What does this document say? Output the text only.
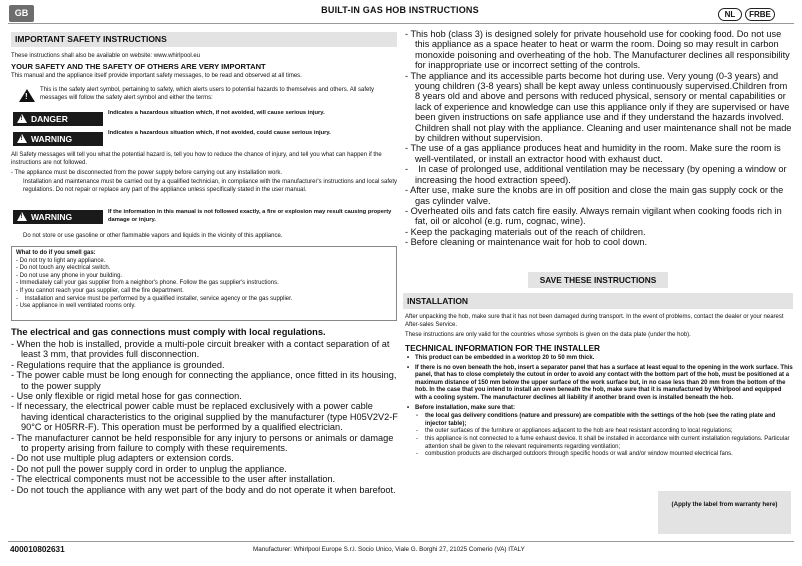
GB	BUILT-IN GAS HOB INSTRUCTIONS	NL	FRBE
IMPORTANT SAFETY INSTRUCTIONS
These instructions shall also be available on website: www.whirlpool.eu
YOUR SAFETY AND THE SAFETY OF OTHERS ARE VERY IMPORTANT
This manual and the appliance itself provide important safety messages, to be read and observed at all times.
!
This is the safety alert symbol, pertaining to safety, which alerts users to potential hazards to themselves and others. All safety messages will follow the safety alert symbol and either the terms:
!
DANGER
Indicates a hazardous situation which, if not avoided, will cause serious injury.
!
WARNING
Indicates a hazardous situation which, if not avoided, could cause serious injury.
All Safety messages will tell you what the potential hazard is, tell you how to reduce the chance of injury, and tell you what can happen if the instructions are not followed.
- The appliance must be disconnected from the power supply before carrying out any installation work.
Installation and maintenance must be carried out by a qualified technician, in compliance with the manufacturer's instructions and local safety regulations. Do not repair or replace any part of the appliance unless specifically stated in the user manual.
!
WARNING	If the information in this manual is not followed exactly, a fire or explosion may result causing property damage or injury.
Do not store or use gasoline or other flammable vapors and liquids in the vicinity of this appliance.
What to do if you smell gas:
- Do not try to light any appliance.
- Do not touch any electrical switch.
- Do not use any phone in your building.
- Immediately call your gas supplier from a neighbor's phone. Follow the gas supplier's instructions.
- If you cannot reach your gas supplier, call the fire department.
-    Installation and service must be performed by a qualified installer, service agency or the gas supplier.
- Use appliance in well ventilated rooms only.
The electrical and gas connections must comply with local regulations.
- When the hob is installed, provide a multi-pole circuit breaker with a contact separation of at least 3 mm, that provides full disconnection.
- Regulations require that the appliance is grounded.
- The power cable must be long enough for connecting the appliance, once fitted in its housing, to the power supply
- Use only flexible or rigid metal hose for gas connection.
- If necessary, the electrical power cable must be replaced exclusively with a power cable having identical characteristics to the original supplied by the manufacturer (type H05V2V2-F 90°C or H05RR-F). This operation must be performed by a qualified electrician.
- The manufacturer cannot be held responsible for any injury to persons or animals or damage to property arising from failure to comply with these requirements.
- Do not use multiple plug adapters or extension cords.
- Do not pull the power supply cord in order to unplug the appliance.
- The electrical components must not be accessible to the user after installation.
- Do not touch the appliance with any wet part of the body and do not operate it when barefoot.
- This hob (class 3) is designed solely for private household use for cooking food. Do not use this appliance as a space heater to heat or warm the room. Doing so may result in carbon monoxide poisoning and overheating of the hob. The Manufacturer declines all responsibility for inappropriate use or incorrect setting of the controls.
- The appliance and its accessible parts become hot during use. Very young (0-3 years) and young children (3-8 years) shall be kept away unless continuously supervised.Children from 8 years old and above and persons with reduced physical, sensory or mental capabilities or lack of experience and knowledge can use this appliance only if they are supervised or have been given instructions on safe appliance use and if they understand the hazards involved. Children shall not play with the appliance. Cleaning and user maintenance shall not be made by children without supervision.
- The use of a gas appliance produces heat and humidity in the room. Make sure the room is well-ventilated, or install an extractor hood with exhaust duct.
-    In case of prolonged use, additional ventilation may be necessary (by opening a window or increasing the hood extraction speed).
- After use, make sure the knobs are in off position and close the main gas supply cock or the gas cylinder valve.
- Overheated oils and fats catch fire easily. Always remain vigilant when cooking foods rich in fat, oil or alcohol (e.g. rum, cognac, wine).
- Keep the packaging materials out of the reach of children.
- Before cleaning or maintenance wait for hob to cool down.
SAVE THESE INSTRUCTIONS
INSTALLATION
After unpacking the hob, make sure that it has not been damaged during transport. In the event of problems, contact the dealer or your nearest After-sales Service.
These instructions are only valid for the countries whose symbols is given on the data plate (under the hob).
TECHNICAL INFORMATION FOR THE INSTALLER
• This product can be embedded in a worktop 20 to 50 mm thick.
• If there is no oven beneath the hob, insert a separator panel that has a surface at least equal to the opening in the work surface. This panel, that has to close completely the cutout in order to avoid any contact with the bottom part of the hob, must be positioned at a maximum distance of 150 mm below the upper surface of the work surface but, in no case less than 20 mm from the bottom of the hob. In the case that you intend to install an oven beneath the hob, make sure that it is manufactured by Whirlpool and equipped with a cooling system. The manufacturer declines all liability if another brand oven is installed beneath the hob.
• Before installation, make sure that:
- the local gas delivery conditions (nature and pressure) are compatible with the settings of the hob (see the rating plate and injector table);
- the outer surfaces of the furniture or appliances adjacent to the hob are heat resistant according to local regulations;
- this appliance is not connected to a fume exhaust device. It shall be installed in accordance with current installation regulations. Particular attention shall be given to the relevant requirements regarding ventilation;
- combustion products are discharged outdoors through specific hoods or wall and/or window mounted electrical fans.
(Apply the label from warranty here)
400010802631	Manufacturer: Whirlpool Europe S.r.l. Socio Unico, Viale G. Borghi 27, 21025 Comerio (VA) ITALY
